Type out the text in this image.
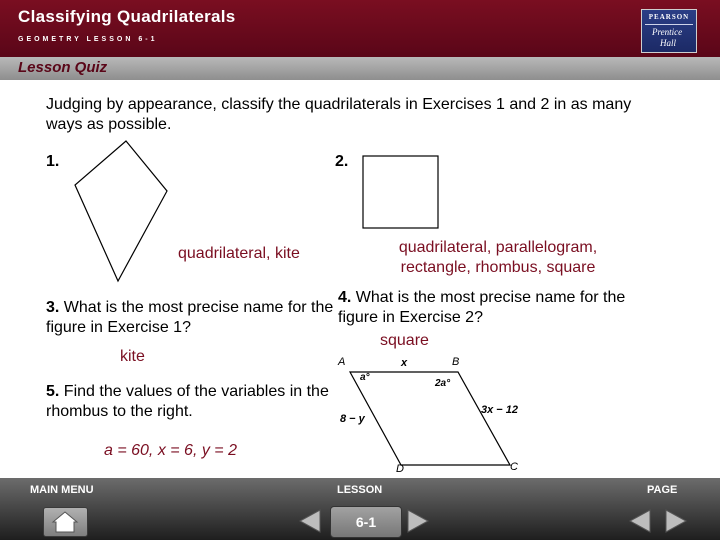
Classifying Quadrilaterals
GEOMETRY LESSON 6-1
PEARSON
Prentice
Hall
Lesson Quiz
Judging by appearance, classify the quadrilaterals in Exercises 1 and 2 in as many ways as possible.
1.	2.
quadrilateral, kite	quadrilateral, parallelogram, rectangle, rhombus, square
3. What is the most precise name for the figure in Exercise 1?
kite
4. What is the most precise name for the figure in Exercise 2?
square
5. Find the values of the variables in the rhombus to the right.
a = 60, x = 6, y = 2
A	B
C
D
x
a°
2a°
3x − 12
8 − y
MAIN MENU	LESSON	PAGE
6-1
